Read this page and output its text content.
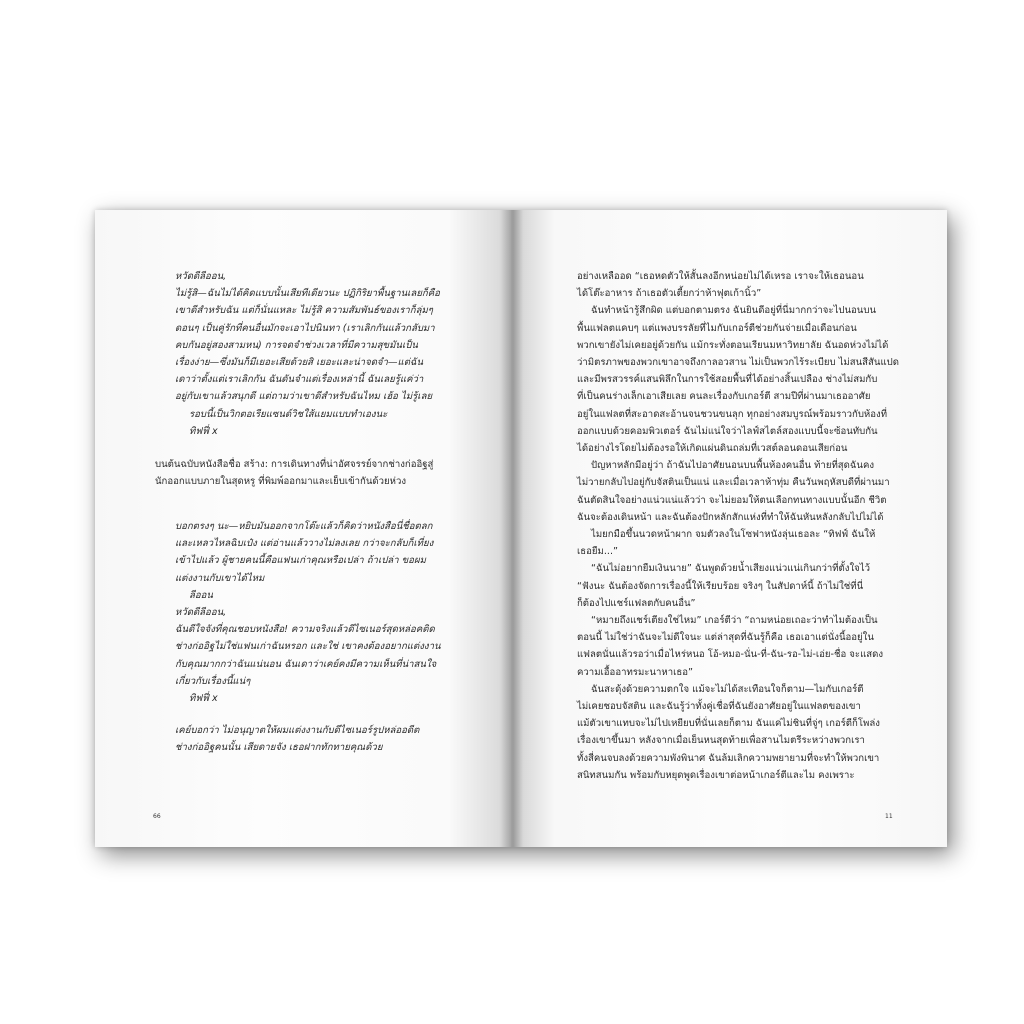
หวัดดีลีออน,
ไม่รู้สิ—ฉันไม่ได้คิดแบบนั้นเสียทีเดียวนะ ปฏิกิริยาพื้นฐานเลยก็คือ
เขาดีสำหรับฉัน แต่ก็นั่นแหละ ไม่รู้สิ ความสัมพันธ์ของเราก็ลุ่มๆ
ดอนๆ เป็นคู่รักที่คนอื่นมักจะเอาไปนินทา (เราเลิกกันแล้วกลับมา
คบกันอยู่สองสามหน) การจดจำช่วงเวลาที่มีความสุขมันเป็น
เรื่องง่าย—ซึ่งมันก็มีเยอะเสียด้วยสิ เยอะและน่าจดจำ—แต่ฉัน
เดาว่าตั้งแต่เราเลิกกัน ฉันดันจำแต่เรื่องเหล่านี้ ฉันเลยรู้แค่ว่า
อยู่กับเขาแล้วสนุกดี แต่ถามว่าเขาดีสำหรับฉันไหม เฮ้อ ไม่รู้เลย
รอบนี้เป็นวิกตอเรียแซนด์วิชใส้แยมแบบทำเองนะ
ทิฟฟี่ x
บนต้นฉบับหนังสือชื่อ สร้าง: การเดินทางที่น่าอัศจรรย์จากช่างก่ออิฐสู่
นักออกแบบภายในสุดหรู ที่พิมพ์ออกมาและเย็บเข้ากันด้วยห่วง
บอกตรงๆ นะ—หยิบมันออกจากโต๊ะแล้วก็คิดว่าหนังสือนี่ชื่อตลก
และเหลวไหลฉิบเป๋ง แต่อ่านแล้ววางไม่ลงเลย กว่าจะกลับก็เที่ยง
เข้าไปแล้ว ผู้ชายคนนี้คือแฟนเก่าคุณหรือเปล่า ถ้าเปล่า ขอผม
แต่งงานกับเขาได้ไหม
ลีออน
หวัดดีลีออน,
ฉันดีใจจังที่คุณชอบหนังสือ! ความจริงแล้วดีไซเนอร์สุดหล่อคติด
ช่างก่ออิฐไม่ใช่แฟนเก่าฉันหรอก และใช่ เขาคงต้องอยากแต่งงาน
กับคุณมากกว่าฉันแน่นอน ฉันเดาว่าเคย์คงมีความเห็นที่น่าสนใจ
เกี่ยวกับเรื่องนี้แน่ๆ
ทิฟฟี่ x
เคย์บอกว่า ไม่อนุญาตให้ผมแต่งงานกับดีไซเนอร์รูปหล่ออดีต
ช่างก่ออิฐคนนั้น เสียดายจัง เธอฝากทักทายคุณด้วย
66
อย่างเหลืออด “เธอหดตัวให้สั้นลงอีกหน่อยไม่ได้เหรอ เราจะให้เธอนอน
ได้โต๊ะอาหาร ถ้าเธอตัวเตี้ยกว่าห้าฟุตเก้านิ้ว”
ฉันทำหน้ารู้สึกผิด แต่บอกตามตรง ฉันยินดีอยู่ที่นี่มากกว่าจะไปนอนบน
พื้นแฟลตแคบๆ แต่แพงบรรลัยที่ไมกับเกอร์ตีช่วยกันจ่ายเมื่อเดือนก่อน
พวกเขายังไม่เคยอยู่ด้วยกัน แม้กระทั่งตอนเรียนมหาวิทยาลัย ฉันอดห่วงไม่ได้
ว่ามิตรภาพของพวกเขาอาจถึงกาลอวสาน ไม่เป็นพวกไร้ระเบียบ ไม่สนสีสันแปด
และมีพรสวรรค์แสนพิลึกในการใช้สอยพื้นที่ได้อย่างสิ้นเปลือง ช่างไม่สมกับ
ที่เป็นคนร่างเล็กเอาเสียเลย คนละเรื่องกับเกอร์ตี สามปีที่ผ่านมาเธออาศัย
อยู่ในแฟลตที่สะอาดสะอ้านจนชวนขนลุก ทุกอย่างสมบูรณ์พร้อมราวกับห้องที่
ออกแบบด้วยคอมพิวเตอร์ ฉันไม่แน่ใจว่าไลฟ์สไตล์สองแบบนี้จะซ้อนทับกัน
ได้อย่างไรโดยไม่ต้องรอให้เกิดแผ่นดินถล่มที่เวสต์ลอนดอนเสียก่อน
ปัญหาหลักมีอยู่ว่า ถ้าฉันไปอาศัยนอนบนพื้นห้องคนอื่น ท้ายที่สุดฉันคง
ไม่วายกลับไปอยู่กับจัสตินเป็นแน่ และเมื่อเวลาห้าทุ่ม คืนวันพฤหัสบดีที่ผ่านมา
ฉันตัดสินใจอย่างแน่วแน่แล้วว่า จะไม่ยอมให้ตนเลือกทนทางแบบนั้นอีก ชีวิต
ฉันจะต้องเดินหน้า และฉันต้องปักหลักสักแห่งที่ทำให้ฉันหันหลังกลับไปไม่ได้
ไมยกมือขึ้นนวดหน้าผาก จมตัวลงในโซฟาหนังลุ่นเธอละ “ทิฟฟ์ ฉันให้
เธอยืม...”
“ฉันไม่อยากยืมเงินนาย” ฉันพูดด้วยน้ำเสียงแน่วแน่เกินกว่าที่ตั้งใจไว้
“ฟังนะ ฉันต้องจัดการเรื่องนี้ให้เรียบร้อย จริงๆ ในสัปดาห์นี้ ถ้าไม่ใช่ที่นี่
ก็ต้องไปแชร์แฟลตกับคนอื่น”
“หมายถึงแชร์เตียงใช่ไหม” เกอร์ตีว่า “ถามหน่อยเถอะว่าทำไมต้องเป็น
ตอนนี้ ไม่ใช่ว่าฉันจะไม่ดีใจนะ แต่ล่าสุดที่ฉันรู้ก็คือ เธอเอาแต่นั่งนี้ออยู่ใน
แฟลตนั่นแล้วรอว่าเมื่อไหร่หนอ โอ้-หมอ-นั่น-ที่-ฉัน-รอ-ไม่-เอ่ย-ชื่อ จะแสดง
ความเอื้ออาทรมะนาหาเธอ”
ฉันสะดุ้งด้วยความตกใจ แม้จะไม่ได้สะเทือนใจก็ตาม—ไมกับเกอร์ตี
ไม่เคยชอบจัสติน และฉันรู้ว่าทั้งคู่เชื่อที่ฉันยังอาศัยอยู่ในแฟลตของเขา
แม้ตัวเขาแทบจะไม่ไปเหยียบที่นั่นเลยก็ตาม ฉันแค่ไม่ชินที่จู่ๆ เกอร์ตีก็โพล่ง
เรื่องเขาขึ้นมา หลังจากเมื่อเย็นหนสุดท้ายเพื่อสานไมตรีระหว่างพวกเรา
ทั้งสี่คนจบลงด้วยความพังพินาศ ฉันล้มเลิกความพยายามที่จะทำให้พวกเขา
สนิทสนมกัน พร้อมกับหยุดพูดเรื่องเขาต่อหน้าเกอร์ตีและไม คงเพราะ
11
